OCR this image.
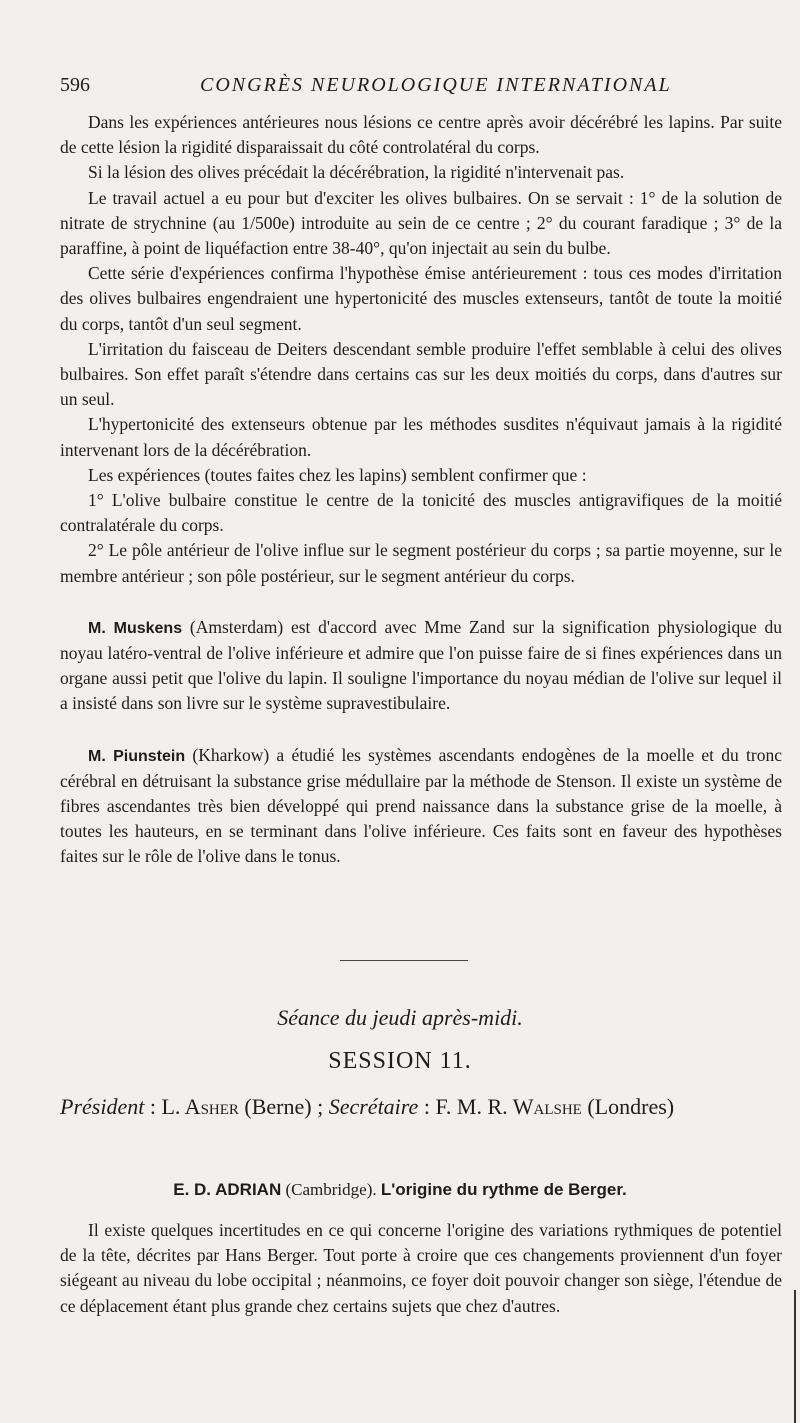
596	CONGRÈS NEUROLOGIQUE INTERNATIONAL

Dans les expériences antérieures nous lésions ce centre après avoir décérébré les lapins. Par suite de cette lésion la rigidité disparaissait du côté controlatéral du corps.

Si la lésion des olives précédait la décérébration, la rigidité n'intervenait pas.

Le travail actuel a eu pour but d'exciter les olives bulbaires. On se servait : 1° de la solution de nitrate de strychnine (au 1/500e) introduite au sein de ce centre ; 2° du courant faradique ; 3° de la paraffine, à point de liquéfaction entre 38-40°, qu'on injectait au sein du bulbe.

Cette série d'expériences confirma l'hypothèse émise antérieurement : tous ces modes d'irritation des olives bulbaires engendraient une hypertonicité des muscles extenseurs, tantôt de toute la moitié du corps, tantôt d'un seul segment.

L'irritation du faisceau de Deiters descendant semble produire l'effet semblable à celui des olives bulbaires. Son effet paraît s'étendre dans certains cas sur les deux moitiés du corps, dans d'autres sur un seul.

L'hypertonicité des extenseurs obtenue par les méthodes susdites n'équivaut jamais à la rigidité intervenant lors de la décérébration.

Les expériences (toutes faites chez les lapins) semblent confirmer que :

1° L'olive bulbaire constitue le centre de la tonicité des muscles antigravifiques de la moitié contralatérale du corps.

2° Le pôle antérieur de l'olive influe sur le segment postérieur du corps ; sa partie moyenne, sur le membre antérieur ; son pôle postérieur, sur le segment antérieur du corps.

M. Muskens (Amsterdam) est d'accord avec Mme Zand sur la signification physiologique du noyau latéro-ventral de l'olive inférieure et admire que l'on puisse faire de si fines expériences dans un organe aussi petit que l'olive du lapin. Il souligne l'importance du noyau médian de l'olive sur lequel il a insisté dans son livre sur le système supravestibulaire.

M. Piunstein (Kharkow) a étudié les systèmes ascendants endogènes de la moelle et du tronc cérébral en détruisant la substance grise médullaire par la méthode de Stenson. Il existe un système de fibres ascendantes très bien développé qui prend naissance dans la substance grise de la moelle, à toutes les hauteurs, en se terminant dans l'olive inférieure. Ces faits sont en faveur des hypothèses faites sur le rôle de l'olive dans le tonus.

Séance du jeudi après-midi.
SESSION 11.
Président : L. Asher (Berne) ; Secrétaire : F. M. R. Walshe (Londres)
E. D. ADRIAN (Cambridge). L'origine du rythme de Berger.

Il existe quelques incertitudes en ce qui concerne l'origine des variations rythmiques de potentiel de la tête, décrites par Hans Berger. Tout porte à croire que ces changements proviennent d'un foyer siégeant au niveau du lobe occipital ; néanmoins, ce foyer doit pouvoir changer son siège, l'étendue de ce déplacement étant plus grande chez certains sujets que chez d'autres.
